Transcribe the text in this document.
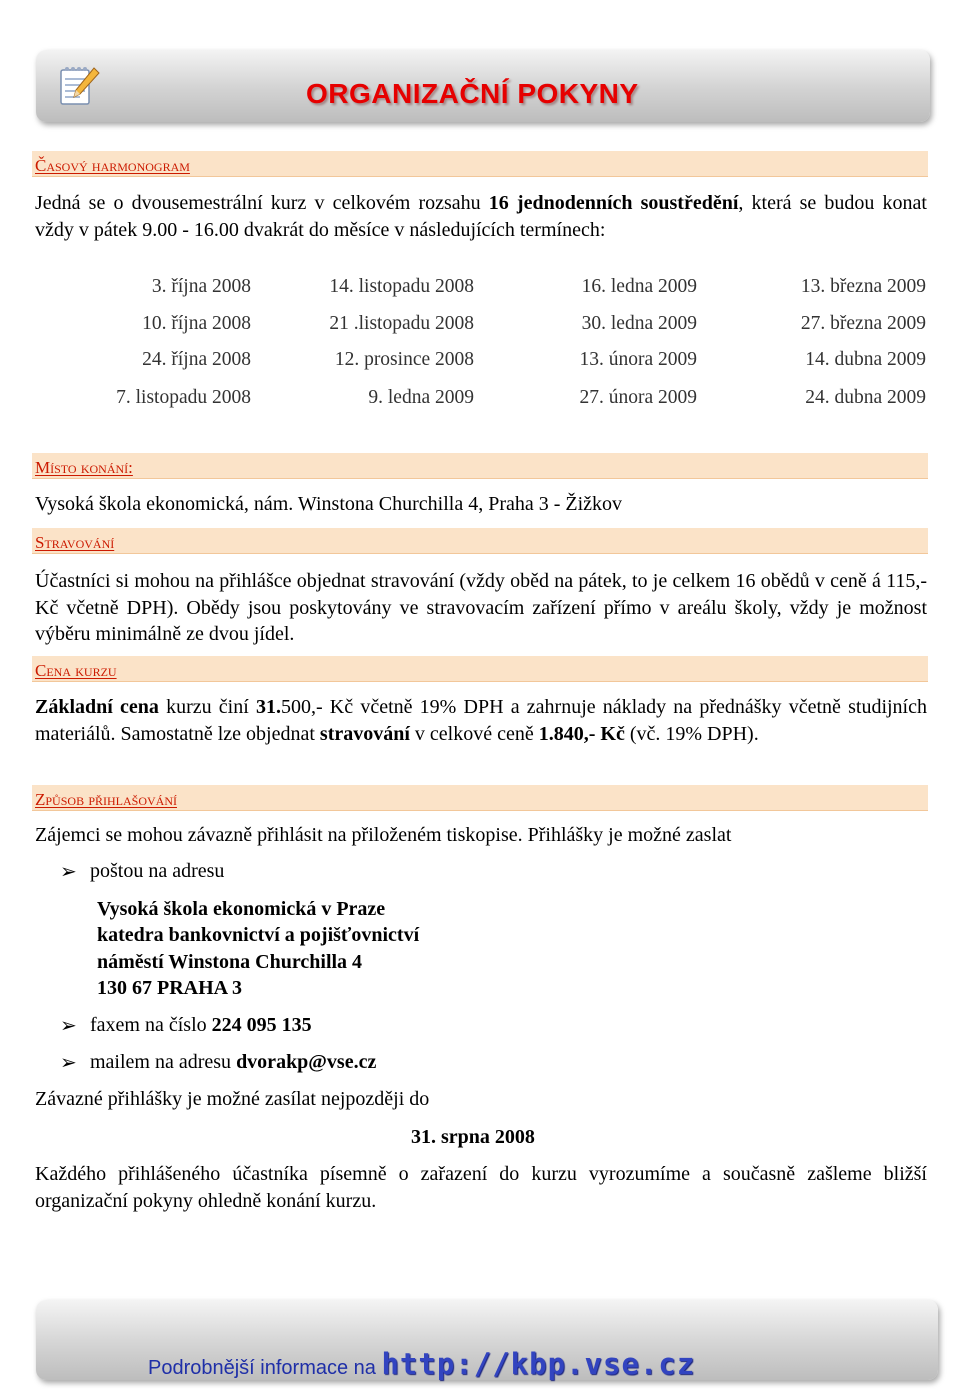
ORGANIZAČNÍ POKYNY
Časový harmonogram
Jedná se o dvousemestrální kurz v celkovém rozsahu 16 jednodenních soustředění, která se budou konat vždy v pátek 9.00 - 16.00 dvakrát do měsíce v následujících termínech:
3. října 2008	14. listopadu 2008	16. ledna 2009	13. března 2009
10. října 2008	21 .listopadu 2008	30. ledna 2009	27. března 2009
24. října 2008	12. prosince 2008	13. února 2009	14. dubna 2009
7. listopadu 2008	9. ledna 2009	27. února 2009	24. dubna 2009
Místo konání:
Vysoká škola ekonomická, nám. Winstona Churchilla 4, Praha 3 - Žižkov
Stravování
Účastníci si mohou na přihlášce objednat stravování (vždy oběd na pátek, to je celkem 16 obědů v ceně á 115,- Kč včetně DPH). Obědy jsou poskytovány ve stravovacím zařízení přímo v areálu školy, vždy je možnost výběru minimálně ze dvou jídel.
Cena kurzu
Základní cena kurzu činí 31.500,- Kč včetně 19% DPH a zahrnuje náklady na přednášky včetně studijních materiálů. Samostatně lze objednat stravování v celkové ceně 1.840,- Kč (vč. 19% DPH).
Způsob přihlašování
Zájemci se mohou závazně přihlásit na přiloženém tiskopise. Přihlášky je možné zaslat
➢ poštou na adresu
Vysoká škola ekonomická v Praze
katedra bankovnictví a pojišťovnictví
náměstí Winstona Churchilla 4
130 67 PRAHA 3
➢ faxem na číslo 224 095 135
➢ mailem na adresu dvorakp@vse.cz
Závazné přihlášky je možné zasílat nejpozději do
31. srpna 2008
Každého přihlášeného účastníka písemně o zařazení do kurzu vyrozumíme a současně zašleme bližší organizační pokyny ohledně konání kurzu.
Podrobnější informace na http://kbp.vse.cz
